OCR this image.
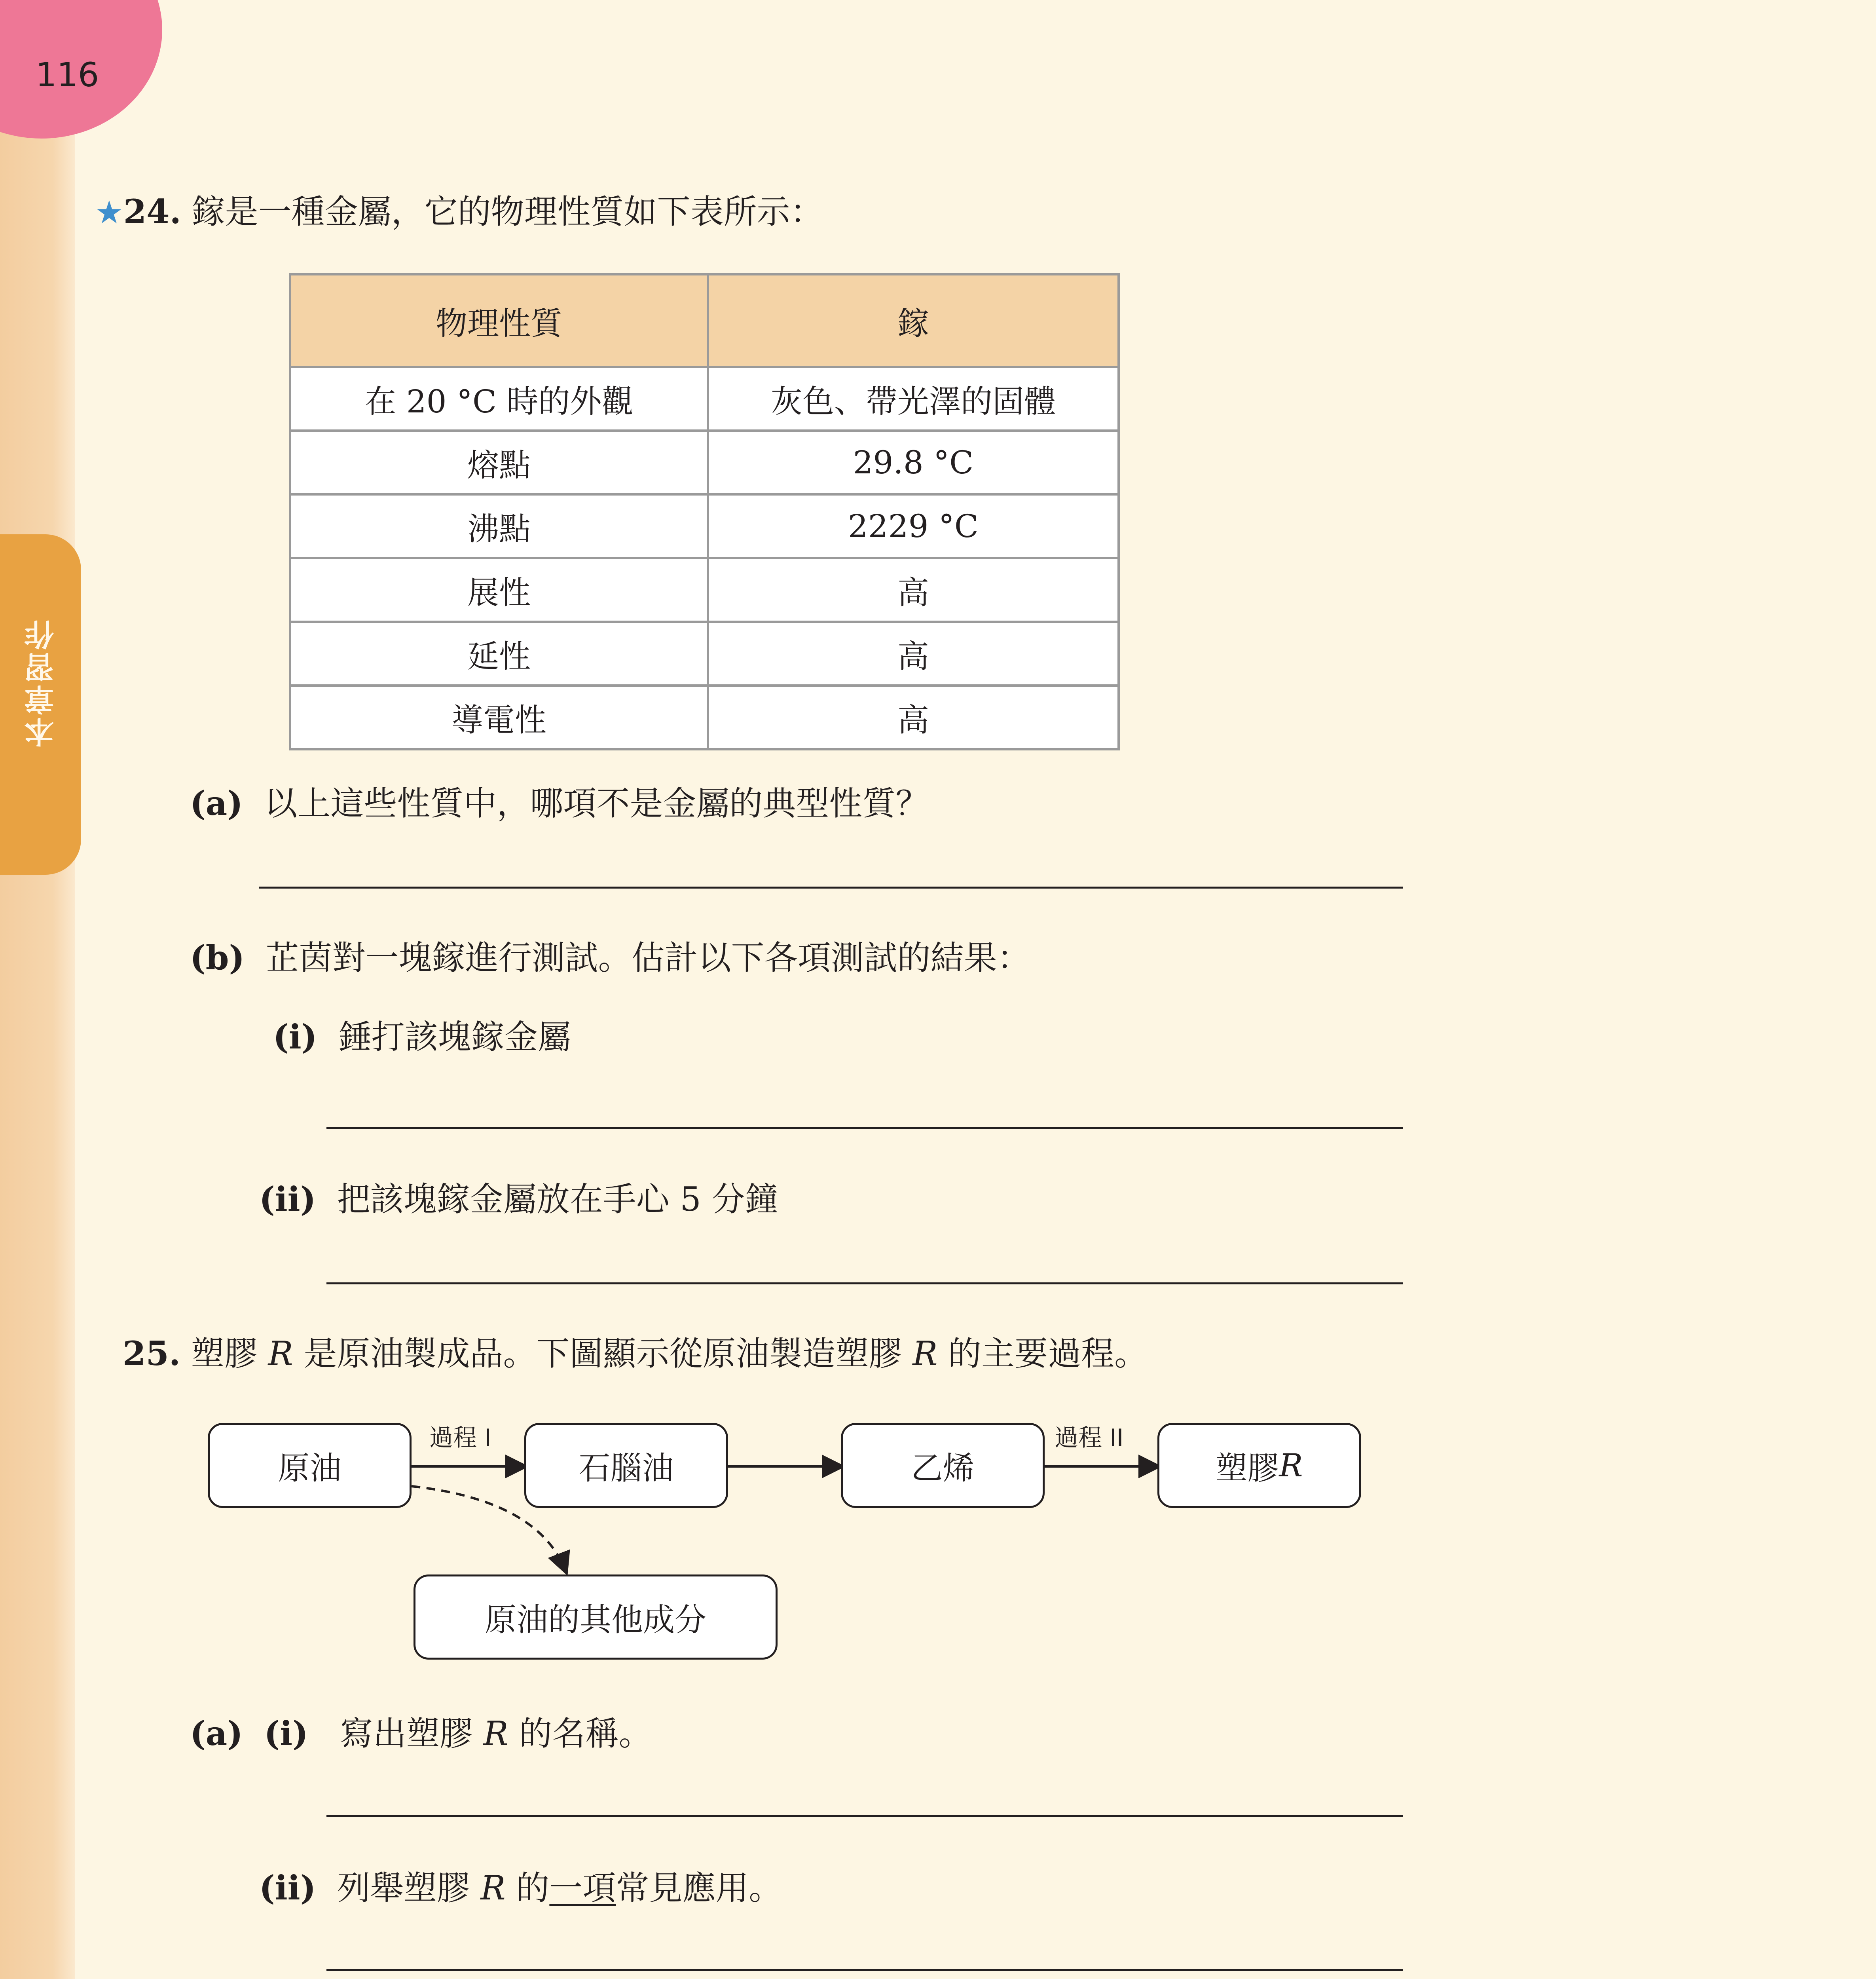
116
本章習作
★24. 鎵是一種金屬，它的物理性質如下表所示：
物理性質	鎵
在 20 °C 時的外觀	灰色、帶光澤的固體
熔點	29.8 °C
沸點	2229 °C
展性	高
延性	高
導電性	高
(a) 以上這些性質中，哪項不是金屬的典型性質？
(b) 芷茵對一塊鎵進行測試。估計以下各項測試的結果：
(i) 錘打該塊鎵金屬
(ii) 把該塊鎵金屬放在手心 5 分鐘
25. 塑膠 R 是原油製成品。下圖顯示從原油製造塑膠 R 的主要過程。
原油	石腦油	乙烯	塑膠 R
原油的其他成分
過程 I	過程 II
(a) (i) 寫出塑膠 R 的名稱。
(ii) 列舉塑膠 R 的一項常見應用。
